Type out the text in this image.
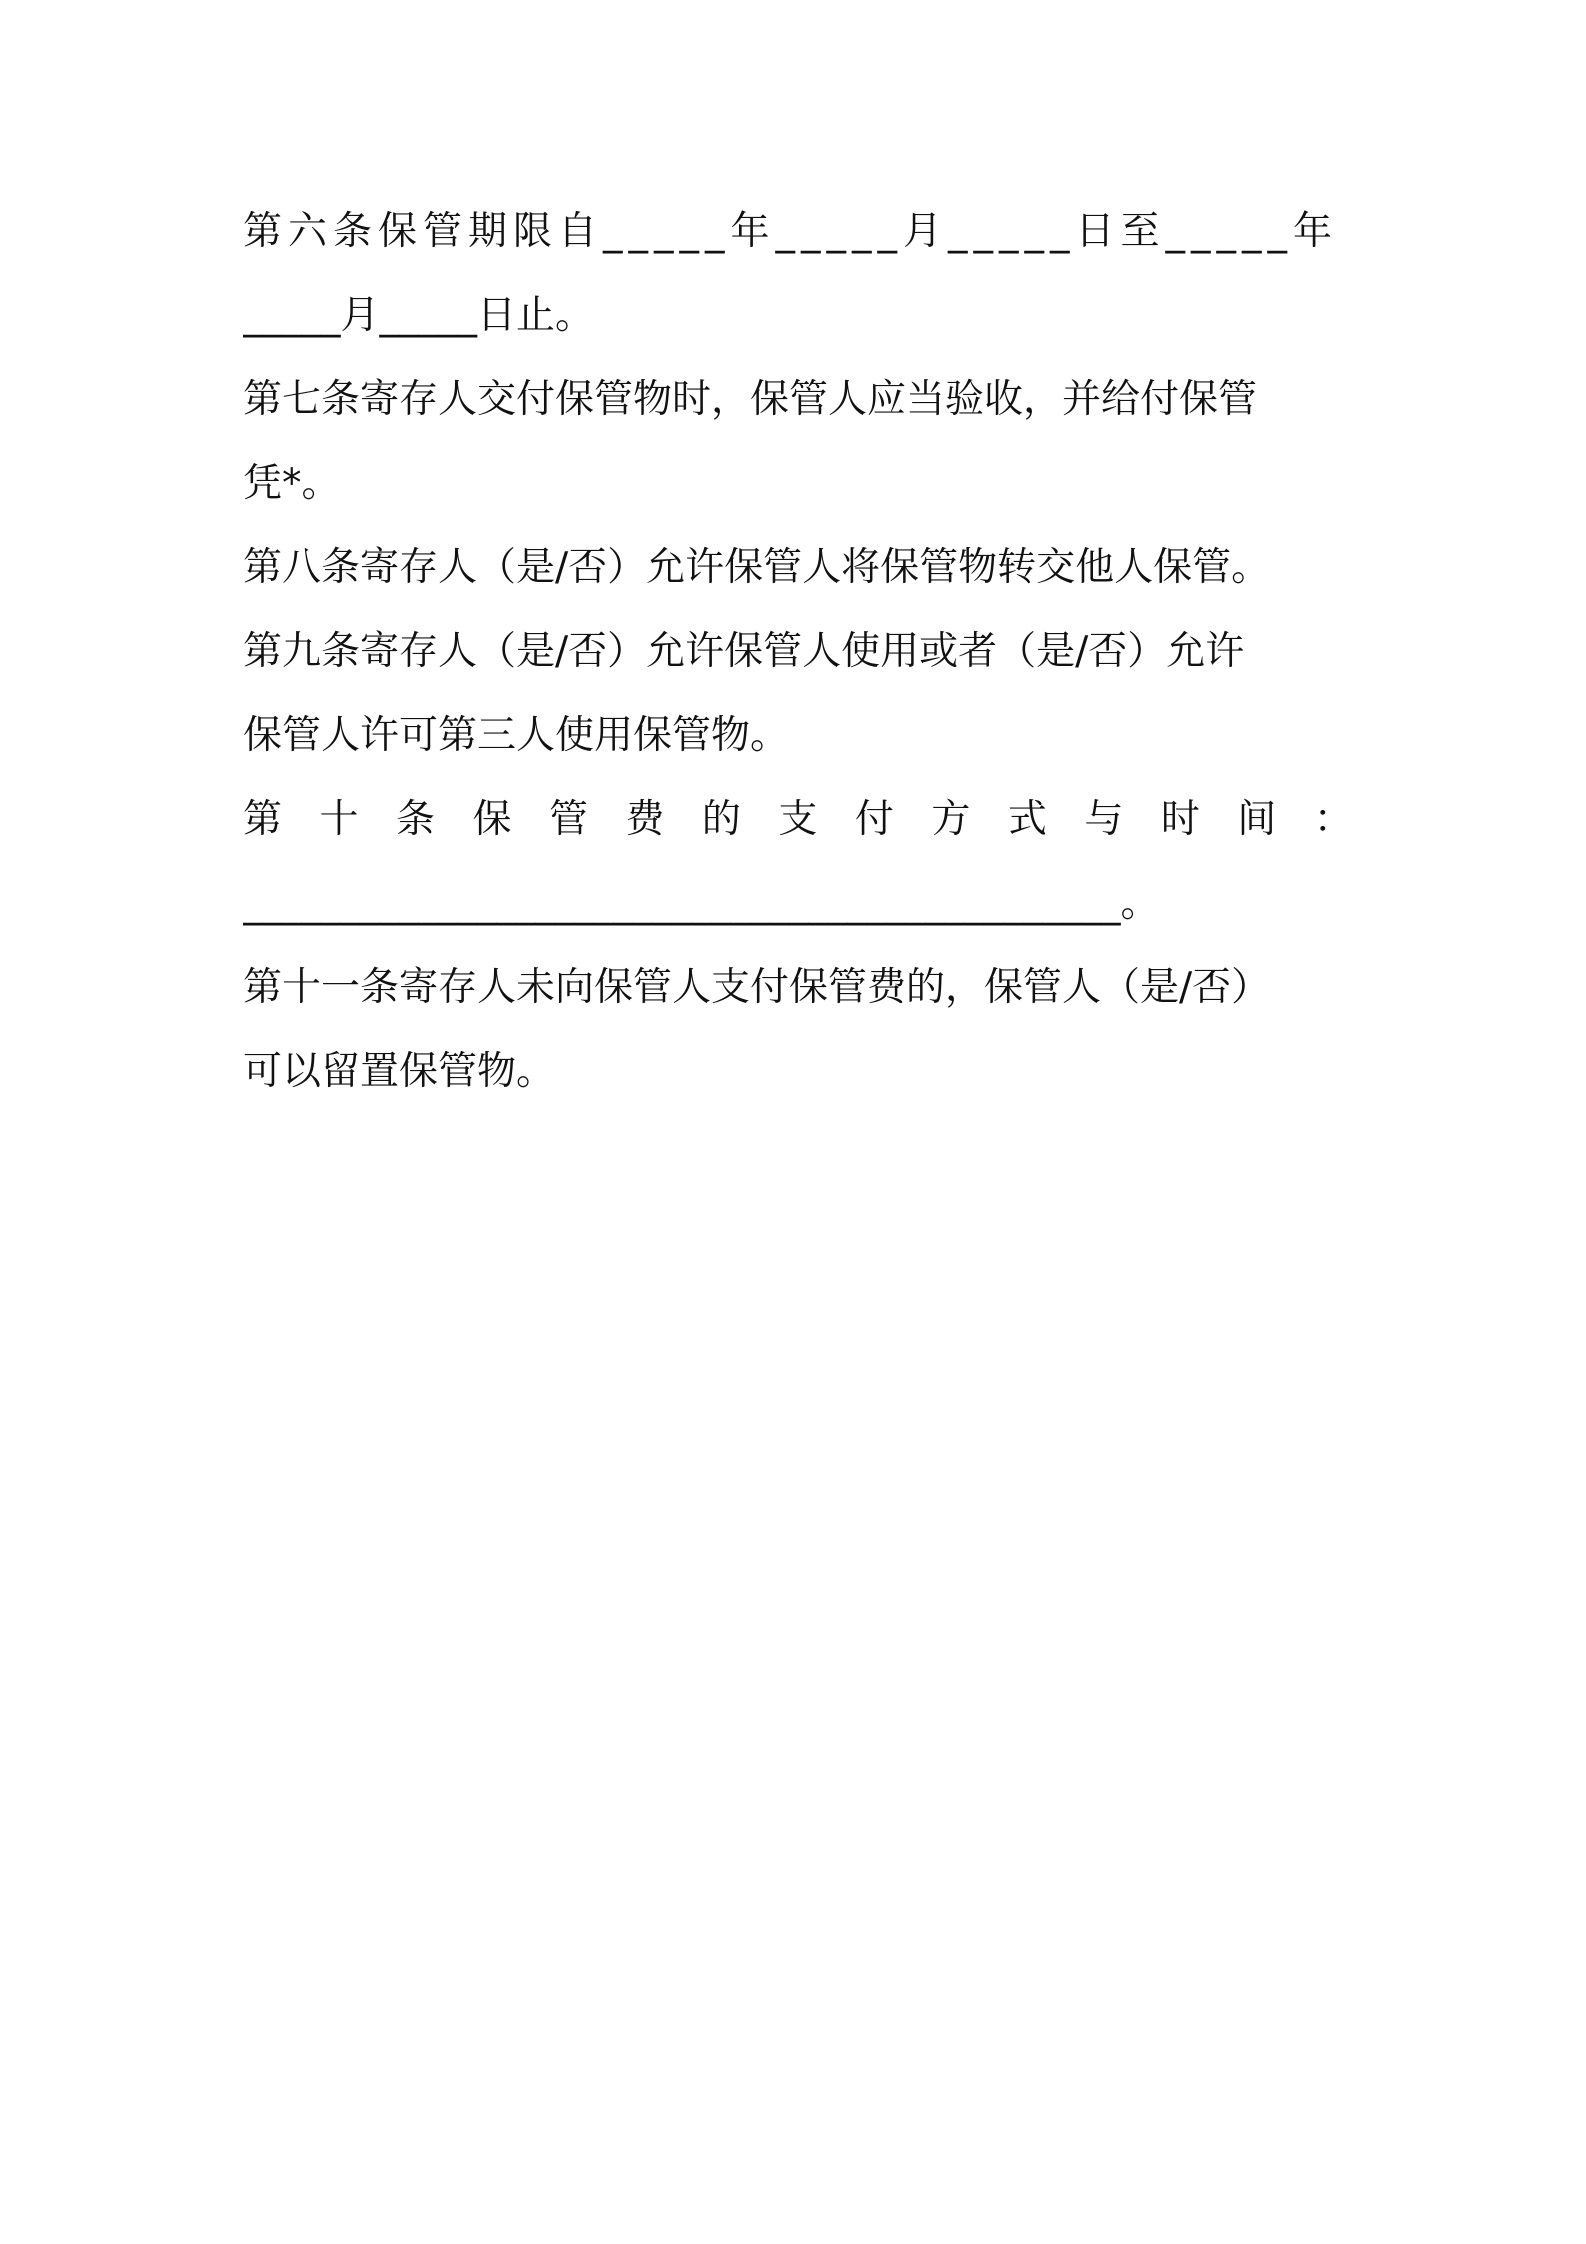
第六条保管期限自_____年_____月_____日至_____年
_____月_____日止。
第七条寄存人交付保管物时，保管人应当验收，并给付保管
凭*。
第八条寄存人（是/否）允许保管人将保管物转交他人保管。
第九条寄存人（是/否）允许保管人使用或者（是/否）允许
保管人许可第三人使用保管物。
第 十 条 保 管 费 的 支 付 方 式 与 时 间 ：
_____________________________________________。
第十一条寄存人未向保管人支付保管费的，保管人（是/否）
可以留置保管物。
